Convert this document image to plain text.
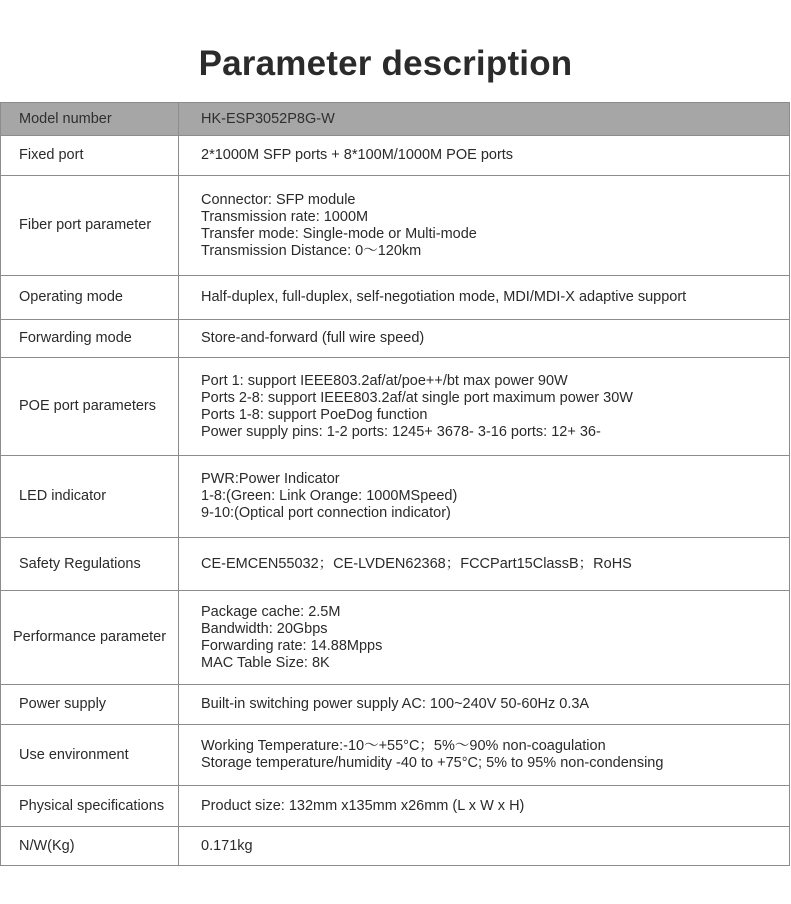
Parameter description
Model number	HK-ESP3052P8G-W
Fixed port	2*1000M SFP ports + 8*100M/1000M POE ports

Fiber port parameter	Connector: SFP module
Transmission rate: 1000M
Transfer mode: Single-mode or Multi-mode
Transmission Distance: 0～120km

Operating mode	Half-duplex, full-duplex, self-negotiation mode, MDI/MDI-X adaptive support

Forwarding mode	Store-and-forward (full wire speed)

POE port parameters	Port 1: support IEEE803.2af/at/poe++/bt max power 90W
Ports 2-8: support IEEE803.2af/at single port maximum power 30W
Ports 1-8: support PoeDog function
Power supply pins: 1-2 ports: 1245+ 3678- 3-16 ports: 12+ 36-

LED indicator	PWR:Power Indicator
1-8:(Green: Link Orange: 1000MSpeed)
9-10:(Optical port connection indicator)

Safety Regulations	CE-EMCEN55032；CE-LVDEN62368；FCCPart15ClassB；RoHS

Performance parameter	Package cache: 2.5M
Bandwidth: 20Gbps
Forwarding rate: 14.88Mpps
MAC Table Size: 8K

Power supply	Built-in switching power supply AC: 100~240V 50-60Hz 0.3A

Use environment	Working Temperature:-10～+55°C；5%～90% non-coagulation
Storage temperature/humidity -40 to +75°C; 5% to 95% non-condensing

Physical specifications	Product size: 132mm x135mm x26mm (L x W x H)

N/W(Kg)	0.171kg
